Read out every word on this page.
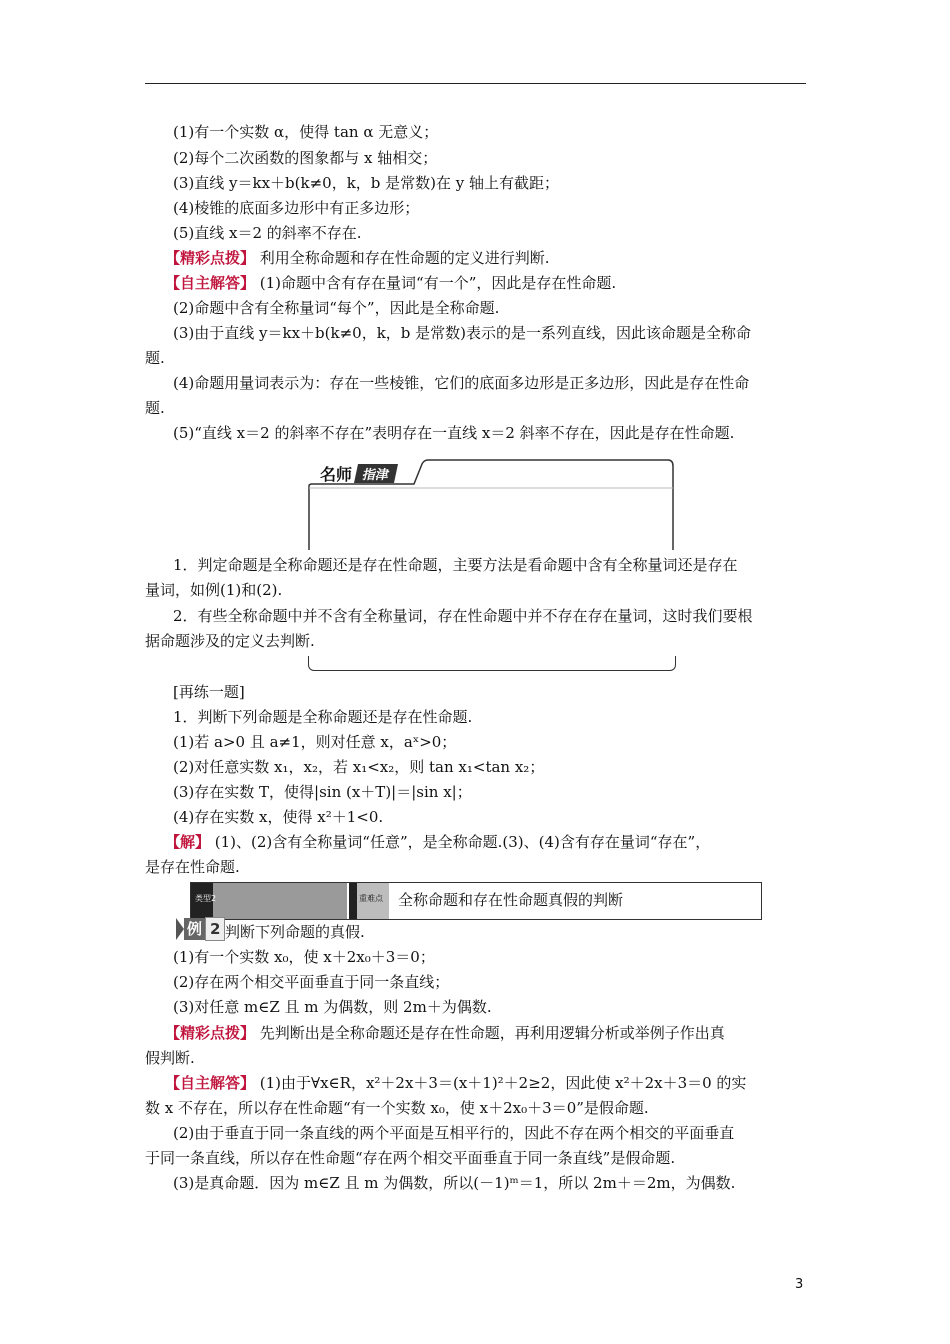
(1)有一个实数 α，使得 tan α 无意义；
(2)每个二次函数的图象都与 x 轴相交；
(3)直线 y＝kx＋b(k≠0，k，b 是常数)在 y 轴上有截距；
(4)棱锥的底面多边形中有正多边形；
(5)直线 x＝2 的斜率不存在.
【精彩点拨】 利用全称命题和存在性命题的定义进行判断.
【自主解答】 (1)命题中含有存在量词“有一个”，因此是存在性命题.
(2)命题中含有全称量词“每个”，因此是全称命题.
(3)由于直线 y＝kx＋b(k≠0，k，b 是常数)表示的是一系列直线，因此该命题是全称命
题.
(4)命题用量词表示为：存在一些棱锥，它们的底面多边形是正多边形，因此是存在性命
题.
(5)“直线 x＝2 的斜率不存在”表明存在一直线 x＝2 斜率不存在，因此是存在性命题.
名师 指津
1．判定命题是全称命题还是存在性命题，主要方法是看命题中含有全称量词还是存在
量词，如例(1)和(2).
2．有些全称命题中并不含有全称量词，存在性命题中并不存在存在量词，这时我们要根
据命题涉及的定义去判断.
[再练一题]
1．判断下列命题是全称命题还是存在性命题.
(1)若 a>0 且 a≠1，则对任意 x，aˣ>0；
(2)对任意实数 x₁，x₂，若 x₁<x₂，则 tan x₁<tan x₂；
(3)存在实数 T，使得|sin (x＋T)|＝|sin x|；
(4)存在实数 x，使得 x²＋1<0.
【解】 (1)、(2)含有全称量词“任意”，是全称命题.(3)、(4)含有存在量词“存在”，
是存在性命题.
类型2	重难点 全称命题和存在性命题真假的判断
例 2 判断下列命题的真假.
(1)有一个实数 x₀，使 x＋2x₀＋3＝0；
(2)存在两个相交平面垂直于同一条直线；
(3)对任意 m∈Z 且 m 为偶数，则 2m＋为偶数.
【精彩点拨】 先判断出是全称命题还是存在性命题，再利用逻辑分析或举例子作出真
假判断.
【自主解答】 (1)由于∀x∈R，x²＋2x＋3＝(x＋1)²＋2≥2，因此使 x²＋2x＋3＝0 的实
数 x 不存在，所以存在性命题“有一个实数 x₀，使 x＋2x₀＋3＝0”是假命题.
(2)由于垂直于同一条直线的两个平面是互相平行的，因此不存在两个相交的平面垂直
于同一条直线，所以存在性命题“存在两个相交平面垂直于同一条直线”是假命题.
(3)是真命题．因为 m∈Z 且 m 为偶数，所以(－1)ᵐ＝1，所以 2m＋＝2m，为偶数.
3
